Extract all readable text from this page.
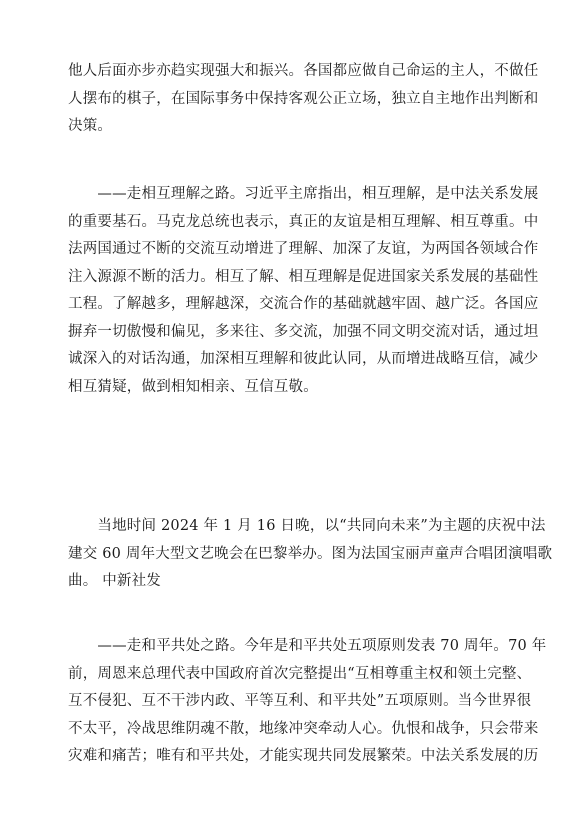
他人后面亦步亦趋实现强大和振兴。各国都应做自己命运的主人，不做任
人摆布的棋子，在国际事务中保持客观公正立场，独立自主地作出判断和
决策。

　　——走相互理解之路。习近平主席指出，相互理解，是中法关系发展
的重要基石。马克龙总统也表示，真正的友谊是相互理解、相互尊重。中
法两国通过不断的交流互动增进了理解、加深了友谊，为两国各领域合作
注入源源不断的活力。相互了解、相互理解是促进国家关系发展的基础性
工程。了解越多，理解越深，交流合作的基础就越牢固、越广泛。各国应
摒弃一切傲慢和偏见，多来往、多交流，加强不同文明交流对话，通过坦
诚深入的对话沟通，加深相互理解和彼此认同，从而增进战略互信，减少
相互猜疑，做到相知相亲、互信互敬。

　　当地时间 2024 年 1 月 16 日晚，以“共同向未来”为主题的庆祝中法
建交 60 周年大型文艺晚会在巴黎举办。图为法国宝丽声童声合唱团演唱歌
曲。 中新社发

　　——走和平共处之路。今年是和平共处五项原则发表 70 周年。70 年
前，周恩来总理代表中国政府首次完整提出“互相尊重主权和领土完整、
互不侵犯、互不干涉内政、平等互利、和平共处”五项原则。当今世界很
不太平，冷战思维阴魂不散，地缘冲突牵动人心。仇恨和战争，只会带来
灾难和痛苦；唯有和平共处，才能实现共同发展繁荣。中法关系发展的历
